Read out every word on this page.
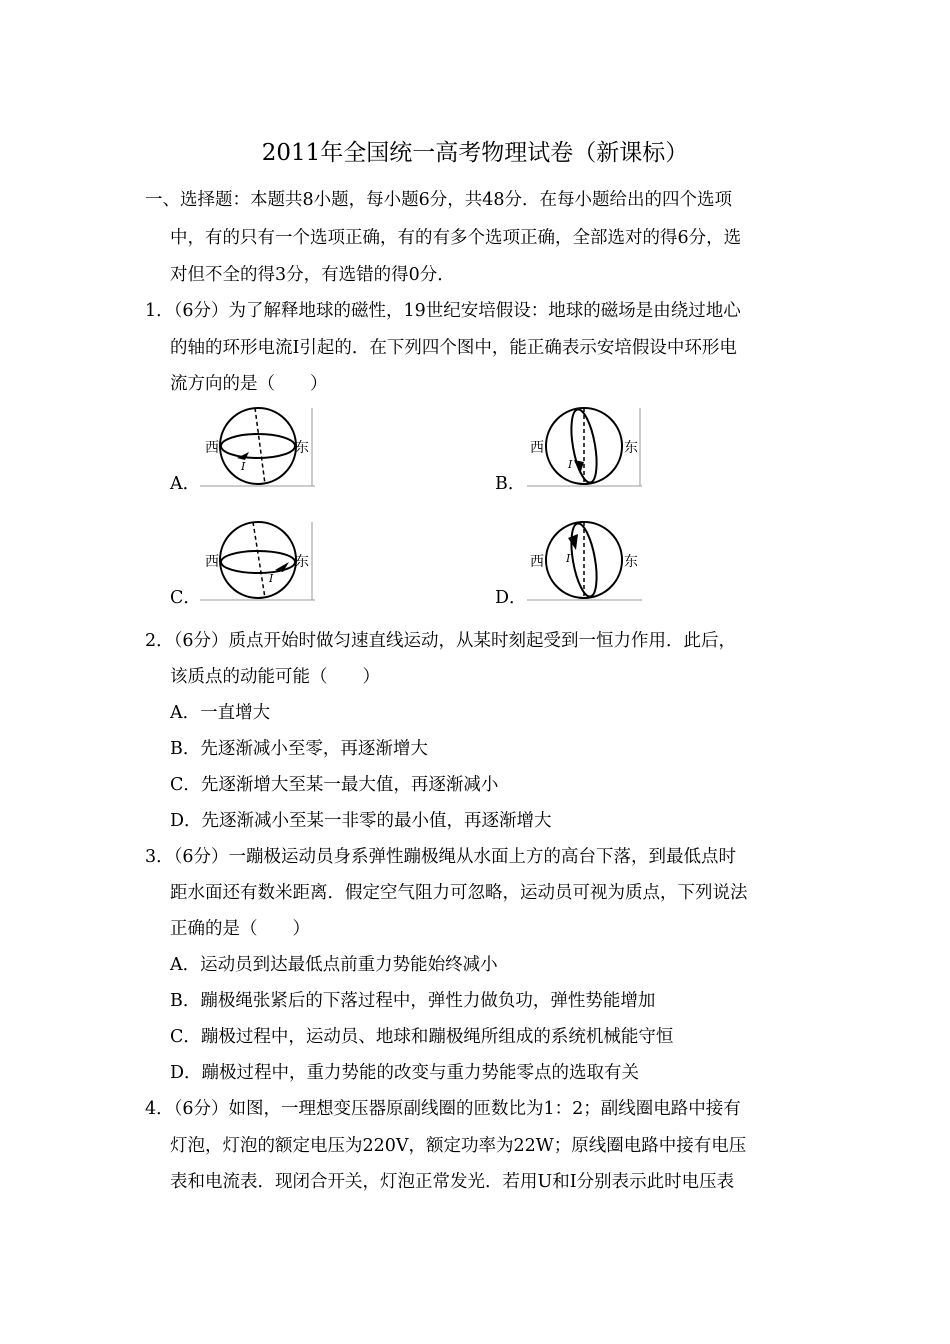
2011年全国统一高考物理试卷（新课标）
一、选择题：本题共8小题，每小题6分，共48分．在每小题给出的四个选项
中，有的只有一个选项正确，有的有多个选项正确，全部选对的得6分，选
对但不全的得3分，有选错的得0分．
1．（6分）为了解释地球的磁性，19世纪安培假设：地球的磁场是由绕过地心
的轴的环形电流I引起的．在下列四个图中，能正确表示安培假设中环形电
流方向的是（　　）
A．
西	东
I
B．
西	东
I
C．
西	东
I
D．
西	东
I
2．（6分）质点开始时做匀速直线运动，从某时刻起受到一恒力作用．此后，
该质点的动能可能（　　）
A．一直增大
B．先逐渐减小至零，再逐渐增大
C．先逐渐增大至某一最大值，再逐渐减小
D．先逐渐减小至某一非零的最小值，再逐渐增大
3．（6分）一蹦极运动员身系弹性蹦极绳从水面上方的高台下落，到最低点时
距水面还有数米距离．假定空气阻力可忽略，运动员可视为质点，下列说法
正确的是（　　）
A．运动员到达最低点前重力势能始终减小
B．蹦极绳张紧后的下落过程中，弹性力做负功，弹性势能增加
C．蹦极过程中，运动员、地球和蹦极绳所组成的系统机械能守恒
D．蹦极过程中，重力势能的改变与重力势能零点的选取有关
4．（6分）如图，一理想变压器原副线圈的匝数比为1：2；副线圈电路中接有
灯泡，灯泡的额定电压为220V，额定功率为22W；原线圈电路中接有电压
表和电流表．现闭合开关，灯泡正常发光．若用U和I分别表示此时电压表
